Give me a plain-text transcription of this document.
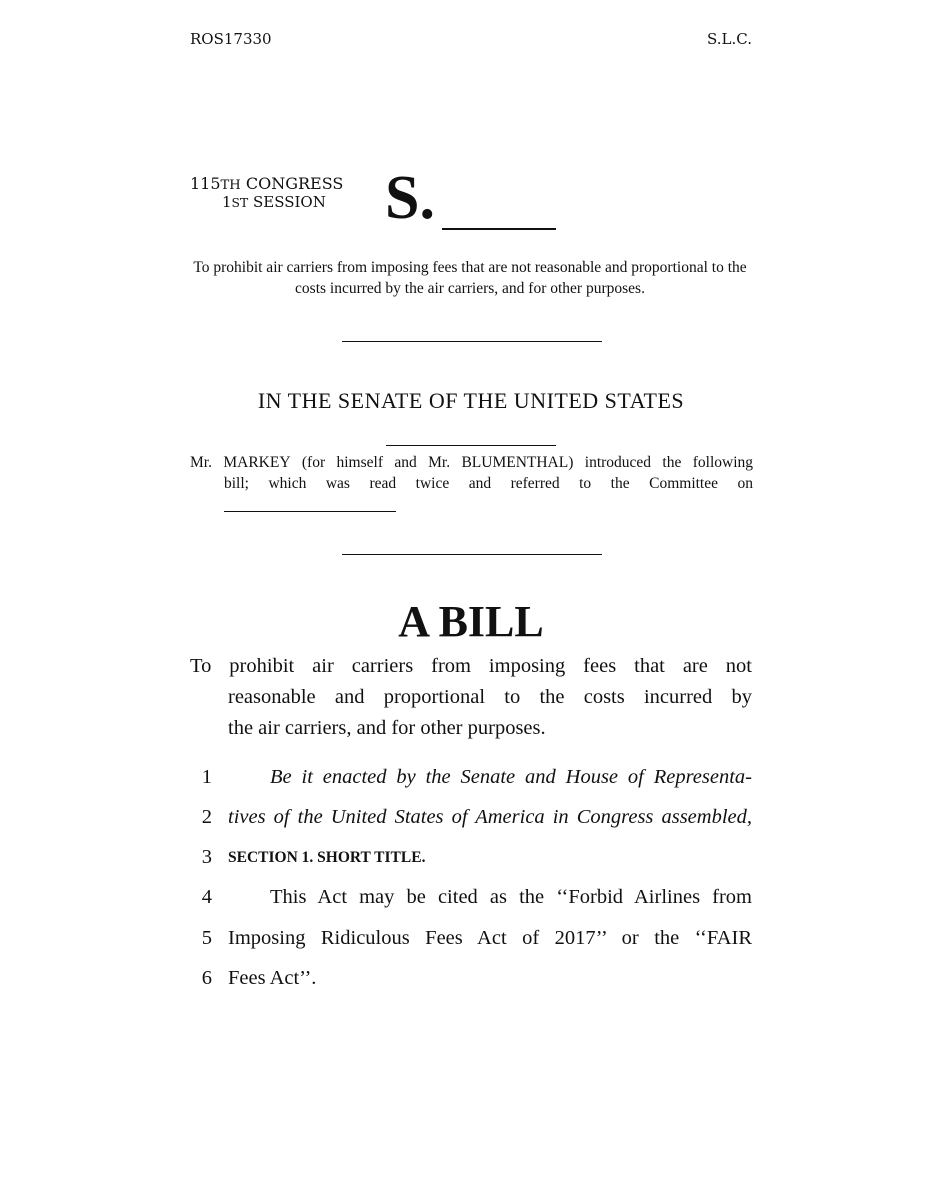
ROS17330	S.L.C.
115TH CONGRESS
1ST SESSION S.
To prohibit air carriers from imposing fees that are not reasonable and proportional to the costs incurred by the air carriers, and for other purposes.
IN THE SENATE OF THE UNITED STATES
Mr. MARKEY (for himself and Mr. BLUMENTHAL) introduced the following
bill; which was read twice and referred to the Committee on
A BILL
To prohibit air carriers from imposing fees that are not
reasonable and proportional to the costs incurred by
the air carriers, and for other purposes.
1	Be it enacted by the Senate and House of Representa-
2 tives of the United States of America in Congress assembled,
3 SECTION 1. SHORT TITLE.
4	This Act may be cited as the ‘‘Forbid Airlines from
5 Imposing Ridiculous Fees Act of 2017’’ or the ‘‘FAIR
6 Fees Act’’.
